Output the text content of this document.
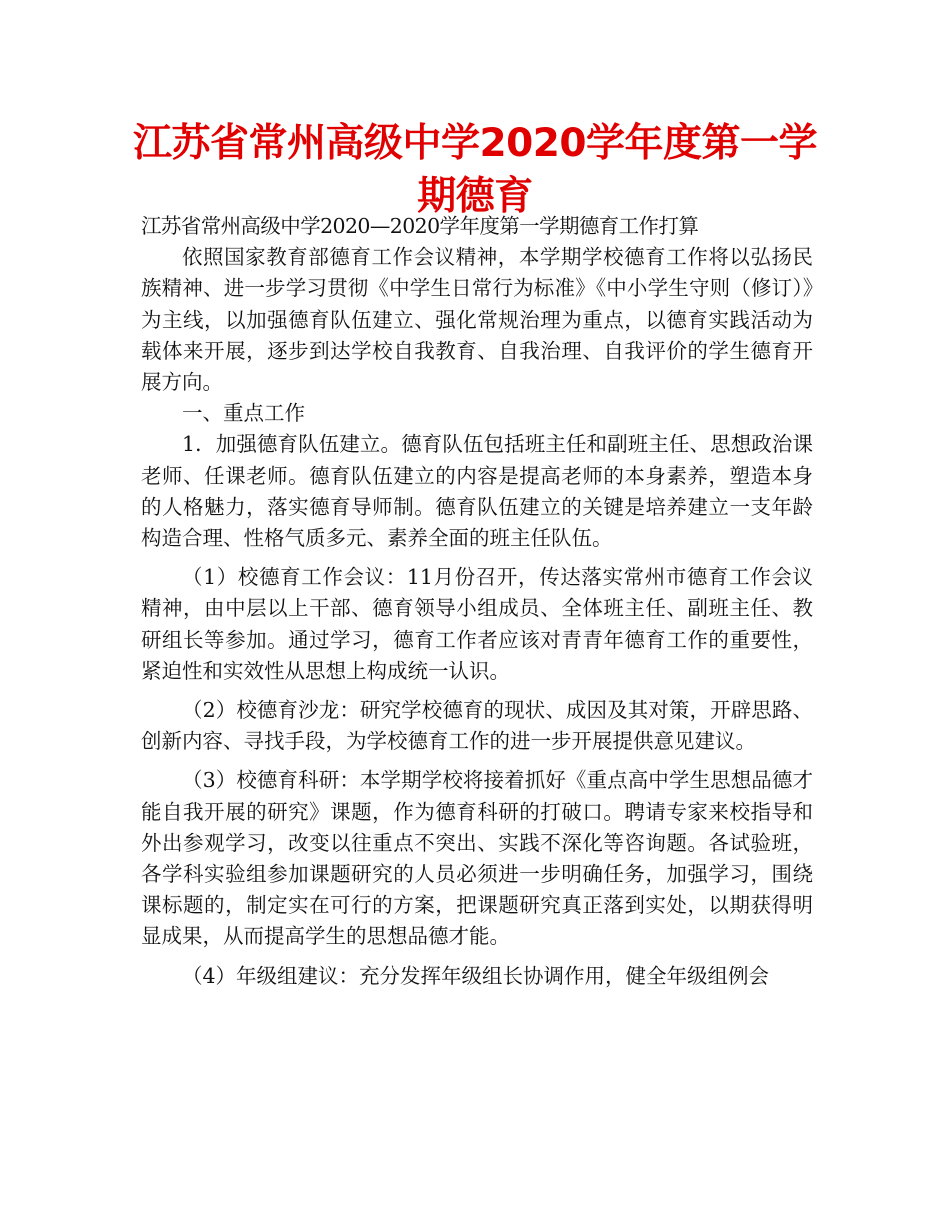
江苏省常州高级中学2020学年度第一学期德育

江苏省常州高级中学2020—2020学年度第一学期德育工作打算

依照国家教育部德育工作会议精神，本学期学校德育工作将以弘扬民族精神、进一步学习贯彻《中学生日常行为标准》《中小学生守则（修订）》为主线，以加强德育队伍建立、强化常规治理为重点，以德育实践活动为载体来开展，逐步到达学校自我教育、自我治理、自我评价的学生德育开展方向。

一、重点工作

1．加强德育队伍建立。德育队伍包括班主任和副班主任、思想政治课老师、任课老师。德育队伍建立的内容是提高老师的本身素养，塑造本身的人格魅力，落实德育导师制。德育队伍建立的关键是培养建立一支年龄构造合理、性格气质多元、素养全面的班主任队伍。

（1）校德育工作会议：11月份召开，传达落实常州市德育工作会议精神，由中层以上干部、德育领导小组成员、全体班主任、副班主任、教研组长等参加。通过学习，德育工作者应该对青青年德育工作的重要性，紧迫性和实效性从思想上构成统一认识。

（2）校德育沙龙：研究学校德育的现状、成因及其对策，开辟思路、创新内容、寻找手段，为学校德育工作的进一步开展提供意见建议。

（3）校德育科研：本学期学校将接着抓好《重点高中学生思想品德才能自我开展的研究》课题，作为德育科研的打破口。聘请专家来校指导和外出参观学习，改变以往重点不突出、实践不深化等咨询题。各试验班，各学科实验组参加课题研究的人员必须进一步明确任务，加强学习，围绕课标题的，制定实在可行的方案，把课题研究真正落到实处，以期获得明显成果，从而提高学生的思想品德才能。

（4）年级组建议：充分发挥年级组长协调作用，健全年级组例会
